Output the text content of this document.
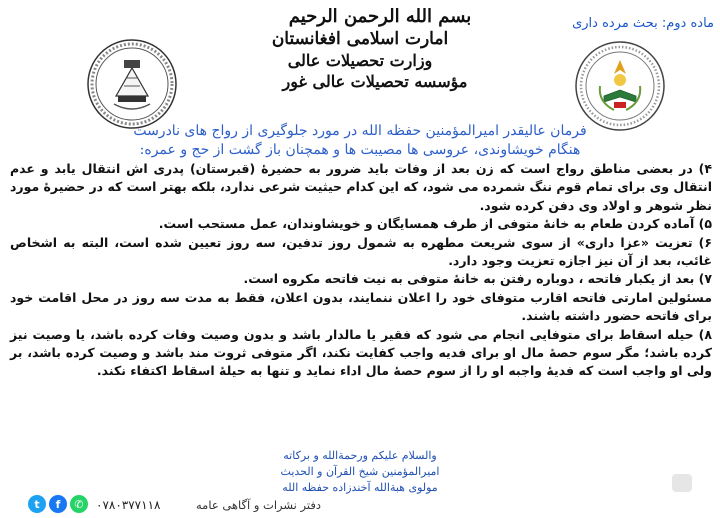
ماده دوم: بحث مرده داری
بسم الله الرحمن الرحیم
امارت اسلامی افغانستان
وزارت تحصیلات عالی
مؤسسه تحصیلات عالی غور
فرمان عالیقدر امیرالمؤمنین حفظه الله در مورد جلوگیری از رواج های نادرست
هنگام خویشاوندی، عروسی ها مصیبت ها و همچنان باز گشت از حج و عمره:

۴) در بعضی مناطق رواج است که زن بعد از وفات باید ضرور به حضیرهٔ (قبرستان) پدری اش انتقال یابد و عدم انتقال وی برای تمام قوم ننگ شمرده می شود، که این کدام حیثیت شرعی ندارد، بلکه بهتر است که در حضیرهٔ مورد نظر شوهر و اولاد وی دفن کرده شود.

۵) آماده کردن طعام به خانهٔ متوفی از طرف همسایگان و خویشاوندان، عمل مستحب است.

۶) تعزیت «عزا داری» از سوی شریعت مطهره به شمول روز تدفین، سه روز تعیین شده است، البته به اشخاص غائب، بعد از آن نیز اجازه تعزیت وجود دارد.

۷) بعد از یکبار فاتحه ، دوباره رفتن به خانهٔ متوفی به نیت فاتحه مکروه است.

مسئولین امارتی فاتحه اقارب متوفای خود را اعلان ننمایند، بدون اعلان، فقط به مدت سه روز در محل اقامت خود برای فاتحه حضور داشته باشند.

۸) حیله اسقاط برای متوفایی انجام می شود که فقیر یا مالدار باشد و بدون وصیت وفات کرده باشد، یا وصیت نیز کرده باشد؛ مگر سوم حصهٔ مال او برای فدیه واجب کفایت نکند، اگر متوفی ثروت مند باشد و وصیت کرده باشد، بر ولی او واجب است که فدیهٔ واجبه او را از سوم حصهٔ مال اداء نماید و تنها به حیلهٔ اسقاط اکتفاء نکند.

والسلام علیکم ورحمةالله و برکاته
امیرالمؤمنین شیخ القرآن و الحدیث
مولوی هبةالله آخندزاده حفظه الله
t	f	✆	۰۷۸۰۳۷۷۱۱۸	دفتر نشرات و آگاهی عامه
